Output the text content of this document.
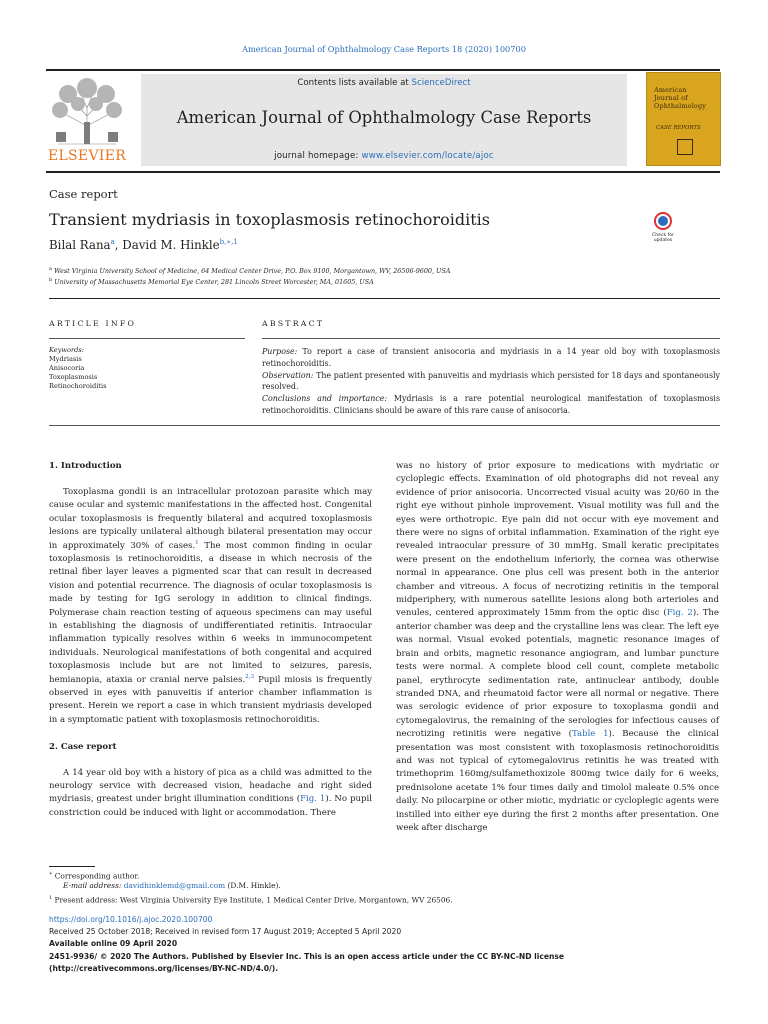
American Journal of Ophthalmology Case Reports 18 (2020) 100700
ELSEVIER
Contents lists available at ScienceDirect
American Journal of Ophthalmology Case Reports
journal homepage: www.elsevier.com/locate/ajoc
American
Journal of
Ophthalmology
CASE REPORTS
Case report
Transient mydriasis in toxoplasmosis retinochoroiditis
Bilal Rana$^a$, David M. Hinkle$^{b,∗,1}$
$^a$ West Virginia University School of Medicine, 64 Medical Center Drive, P.O. Box 9100, Morgantown, WV, 26506-9600, USA
$^b$ University of Massachusetts Memorial Eye Center, 281 Lincoln Street Worcester, MA, 01605, USA
Check for updates
ARTICLE INFO	ABSTRACT
Keywords:
Mydriasis
Anisocoria
Toxoplasmosis
Retinochoroiditis

Purpose: To report a case of transient anisocoria and mydriasis in a 14 year old boy with toxoplasmosis retinochoroiditis.

Observation: The patient presented with panuveitis and mydriasis which persisted for 18 days and spontaneously resolved.

Conclusions and importance: Mydriasis is a rare potential neurological manifestation of toxoplasmosis retinochoroiditis. Clinicians should be aware of this rare cause of anisocoria.

1. Introduction

Toxoplasma gondii is an intracellular protozoan parasite which may cause ocular and systemic manifestations in the affected host. Congenital ocular toxoplasmosis is frequently bilateral and acquired toxoplasmosis lesions are typically unilateral although bilateral presentation may occur in approximately 30% of cases.$^1$ The most common finding in ocular toxoplasmosis is retinochoroiditis, a disease in which necrosis of the retinal fiber layer leaves a pigmented scar that can result in decreased vision and potential recurrence. The diagnosis of ocular toxoplasmosis is made by testing for IgG serology in addition to clinical findings. Polymerase chain reaction testing of aqueous specimens can may useful in establishing the diagnosis of undifferentiated retinitis. Intraocular inflammation typically resolves within 6 weeks in immunocompetent individuals. Neurological manifestations of both congenital and acquired toxoplasmosis include but are not limited to seizures, paresis, hemianopia, ataxia or cranial nerve palsies.$^{2,3}$ Pupil miosis is frequently observed in eyes with panuveitis if anterior chamber inflammation is present. Herein we report a case in which transient mydriasis developed in a symptomatic patient with toxoplasmosis retinochoroiditis.

2. Case report

A 14 year old boy with a history of pica as a child was admitted to the neurology service with decreased vision, headache and right sided mydriasis, greatest under bright illumination conditions (Fig. 1). No pupil constriction could be induced with light or accommodation. There

was no history of prior exposure to medications with mydriatic or cycloplegic effects. Examination of old photographs did not reveal any evidence of prior anisocoria. Uncorrected visual acuity was 20/60 in the right eye without pinhole improvement. Visual motility was full and the eyes were orthotropic. Eye pain did not occur with eye movement and there were no signs of orbital inflammation. Examination of the right eye revealed intraocular pressure of 30 mmHg. Small keratic precipitates were present on the endothelium inferiorly, the cornea was otherwise normal in appearance. One plus cell was present both in the anterior chamber and vitreous. A focus of necrotizing retinitis in the temporal midperiphery, with numerous satellite lesions along both arterioles and venules, centered approximately 15mm from the optic disc (Fig. 2). The anterior chamber was deep and the crystalline lens was clear. The left eye was normal. Visual evoked potentials, magnetic resonance images of brain and orbits, magnetic resonance angiogram, and lumbar puncture tests were normal. A complete blood cell count, complete metabolic panel, erythrocyte sedimentation rate, antinuclear antibody, double stranded DNA, and rheumatoid factor were all normal or negative. There was serologic evidence of prior exposure to toxoplasma gondii and cytomegalovirus, the remaining of the serologies for infectious causes of necrotizing retinitis were negative (Table 1). Because the clinical presentation was most consistent with toxoplasmosis retinochoroiditis and was not typical of cytomegalovirus retinitis he was treated with trimethoprim 160mg/sulfamethoxizole 800mg twice daily for 6 weeks, prednisolone acetate 1% four times daily and timolol maleate 0.5% once daily. No pilocarpine or other miotic, mydriatic or cycloplegic agents were instilled into either eye during the first 2 months after presentation. One week after discharge

∗ Corresponding author.
E-mail address: davidhinklemd@gmail.com (D.M. Hinkle).
$^1$ Present address: West Virginia University Eye Institute, 1 Medical Center Drive, Morgantown, WV 26506.
https://doi.org/10.1016/j.ajoc.2020.100700
Received 25 October 2018; Received in revised form 17 August 2019; Accepted 5 April 2020
Available online 09 April 2020
2451-9936/ © 2020 The Authors. Published by Elsevier Inc. This is an open access article under the CC BY-NC-ND license
(http://creativecommons.org/licenses/BY-NC-ND/4.0/).
